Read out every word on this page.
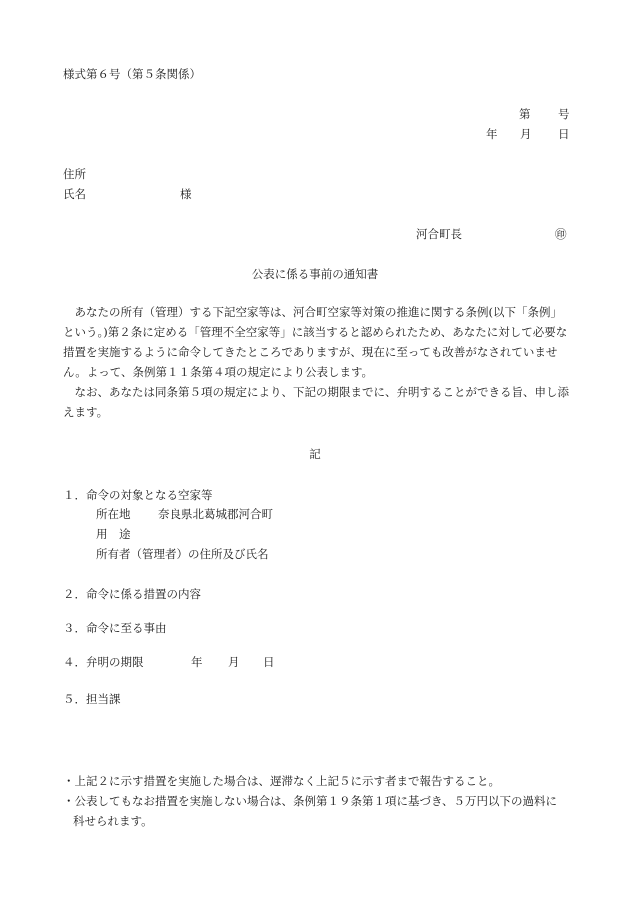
様式第６号（第５条関係）
第 号
年 月 日
住所
氏名	様
河合町長	㊞
公表に係る事前の通知書

あなたの所有（管理）する下記空家等は、河合町空家等対策の推進に関する条例(以下「条例」という。)第２条に定める「管理不全空家等」に該当すると認められたため、あなたに対して必要な措置を実施するように命令してきたところでありますが、現在に至っても改善がなされていません。よって、条例第１１条第４項の規定により公表します。

なお、あなたは同条第５項の規定により、下記の期限までに、弁明することができる旨、申し添えます。

記
１．命令の対象となる空家等
所在地 奈良県北葛城郡河合町
用　途
所有者（管理者）の住所及び氏名
２．命令に係る措置の内容
３．命令に至る事由
４．弁明の期限	年 月 日
５．担当課
・上記２に示す措置を実施した場合は、遅滞なく上記５に示す者まで報告すること。
・公表してもなお措置を実施しない場合は、条例第１９条第１項に基づき、５万円以下の過料に
科せられます。
